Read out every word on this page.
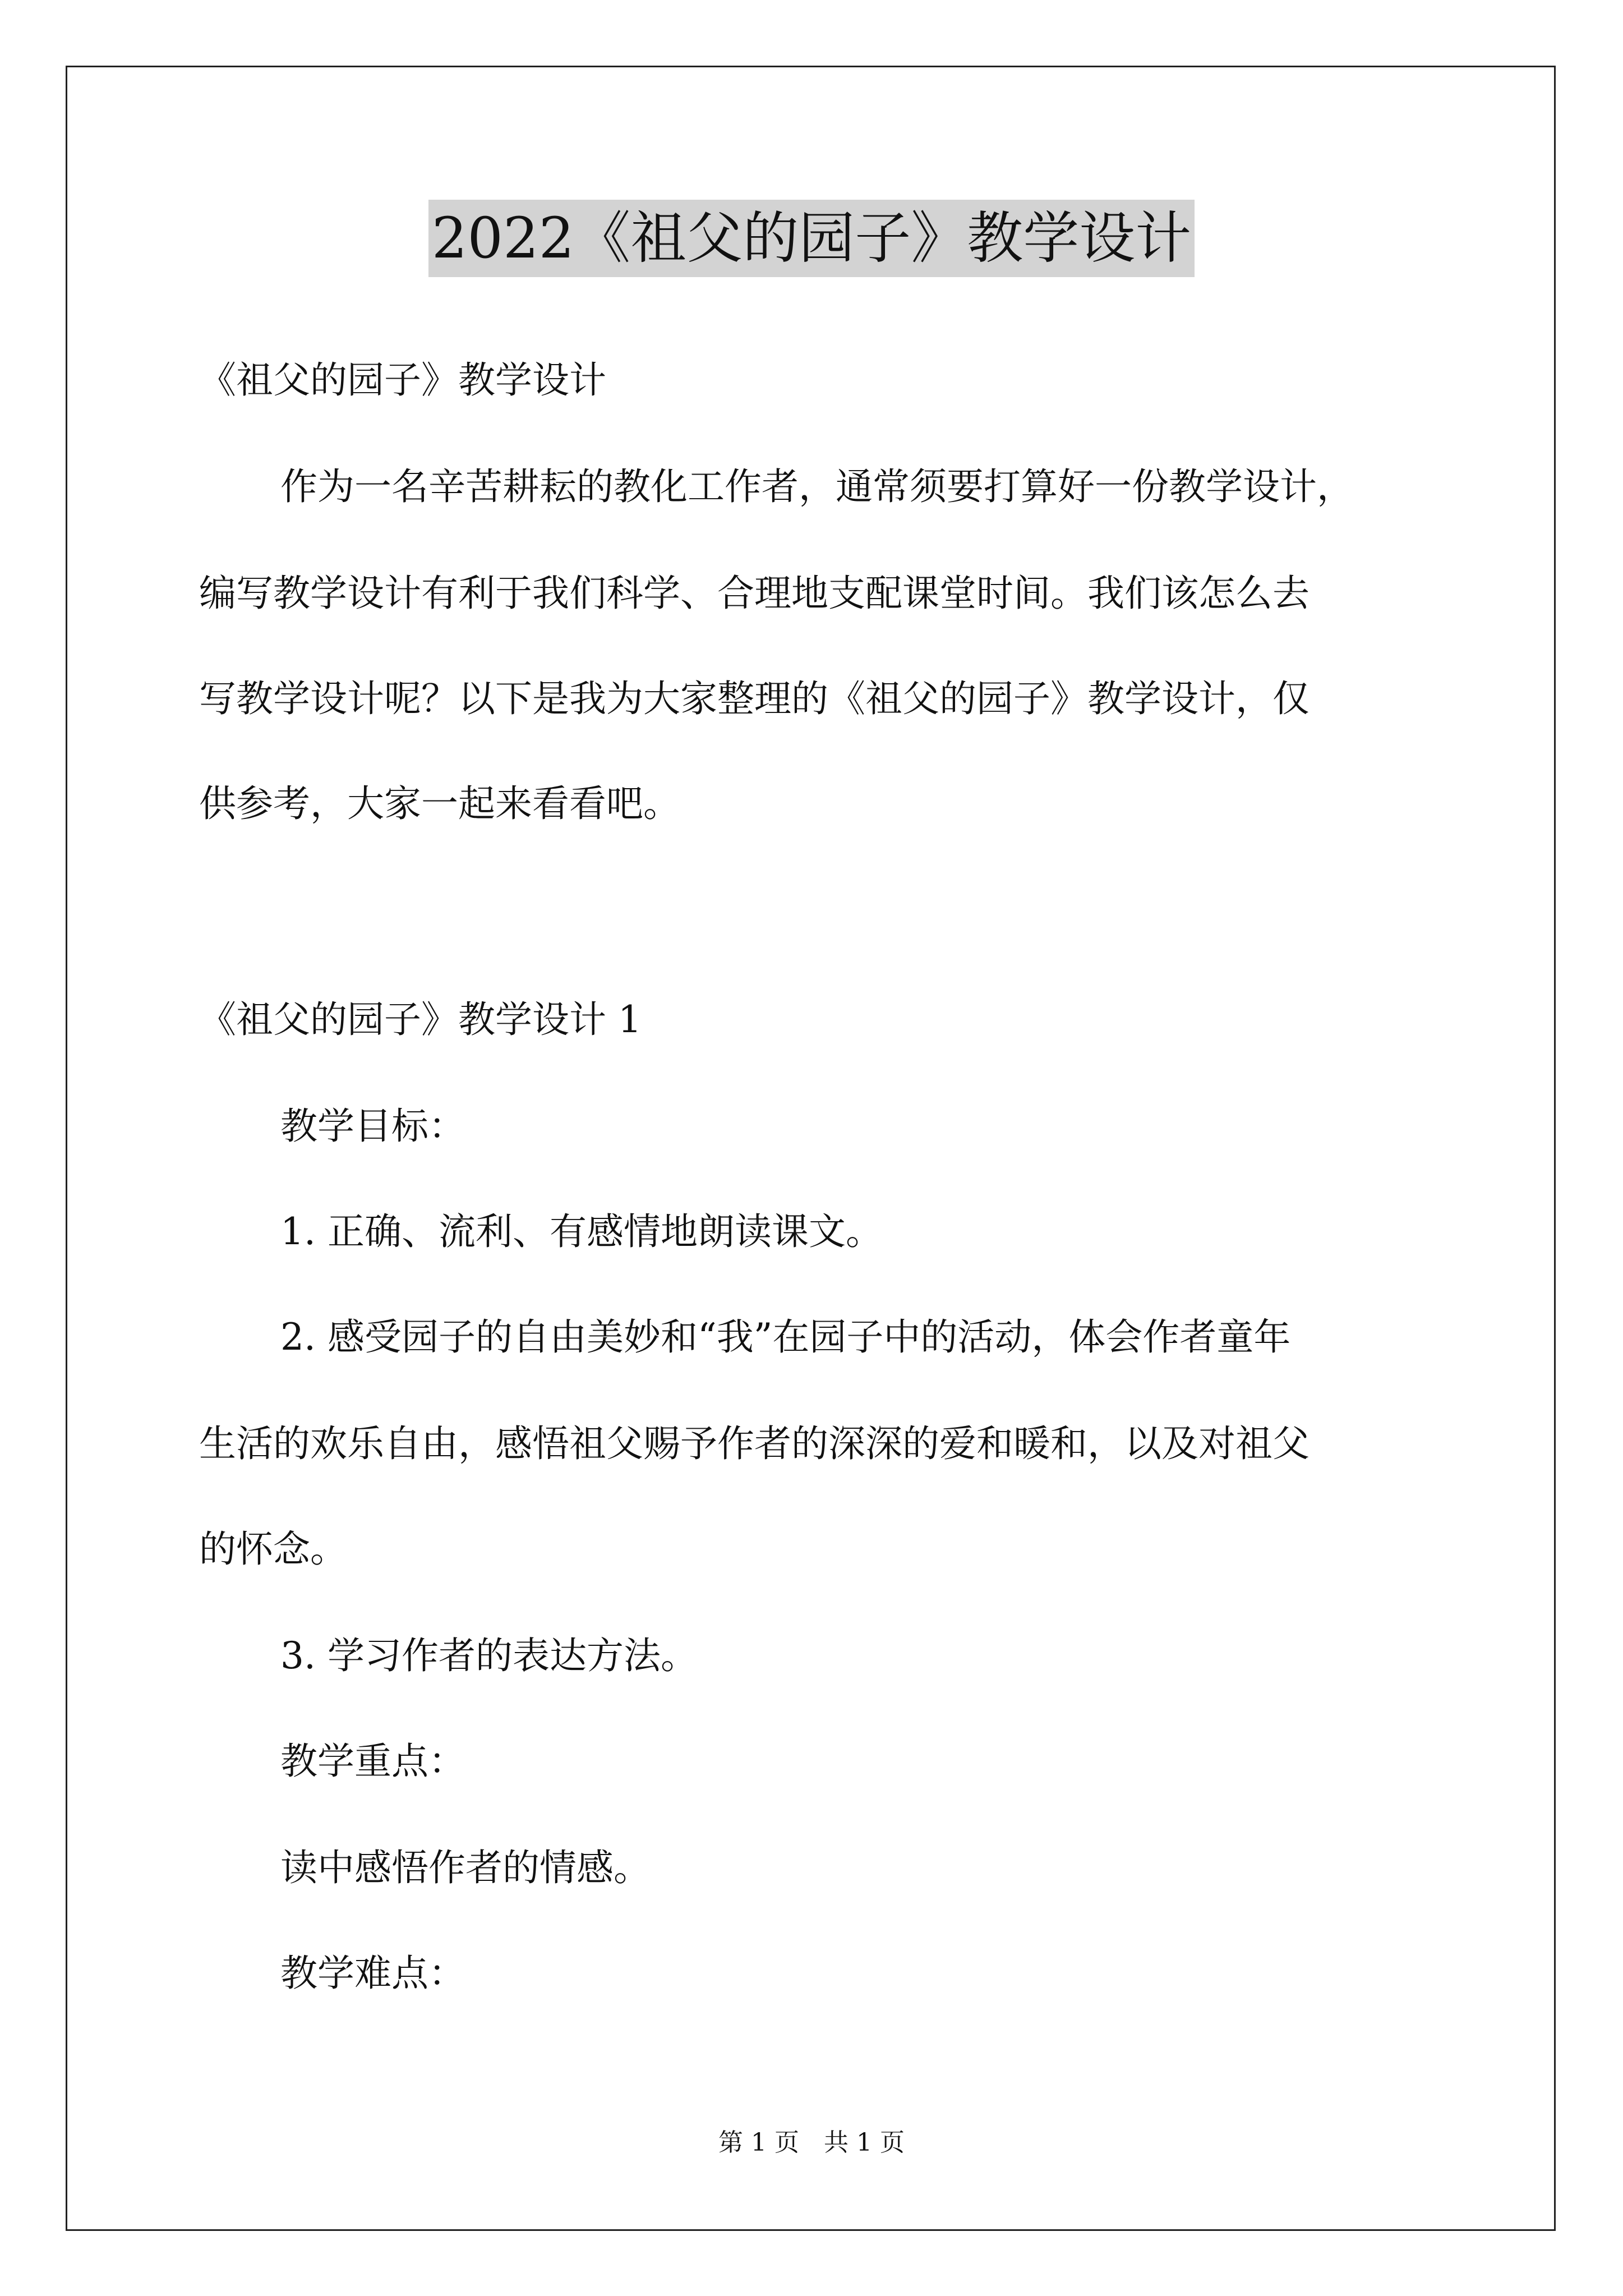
2022《祖父的园子》教学设计
《祖父的园子》教学设计
作为一名辛苦耕耘的教化工作者，通常须要打算好一份教学设计，
编写教学设计有利于我们科学、合理地支配课堂时间。我们该怎么去
写教学设计呢？以下是我为大家整理的《祖父的园子》教学设计，仅
供参考，大家一起来看看吧。
《祖父的园子》教学设计 1
教学目标：
1. 正确、流利、有感情地朗读课文。
2. 感受园子的自由美妙和“我”在园子中的活动，体会作者童年
生活的欢乐自由，感悟祖父赐予作者的深深的爱和暖和，以及对祖父
的怀念。
3. 学习作者的表达方法。
教学重点：
读中感悟作者的情感。
教学难点：
第 1 页　共 1 页
